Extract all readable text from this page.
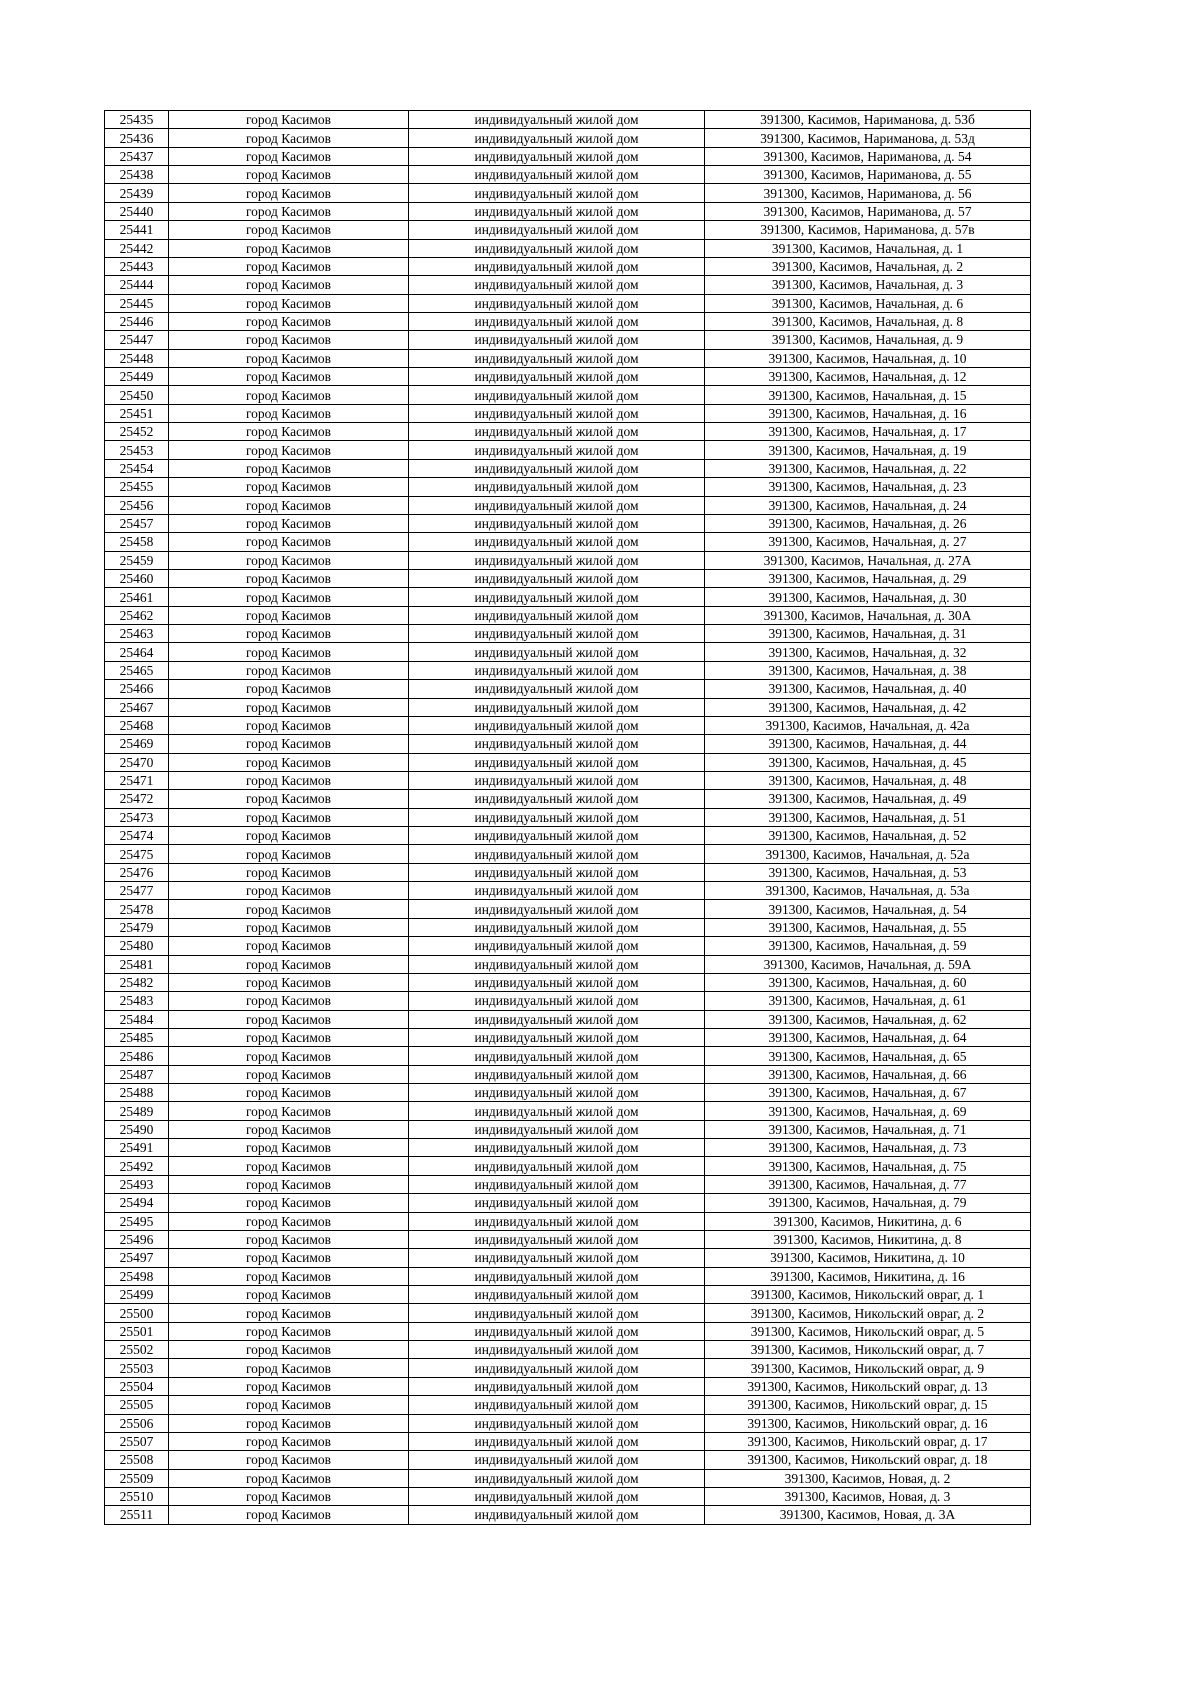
25435	город Касимов	индивидуальный жилой дом	391300, Касимов, Нариманова, д. 53б
25436	город Касимов	индивидуальный жилой дом	391300, Касимов, Нариманова, д. 53д
25437	город Касимов	индивидуальный жилой дом	391300, Касимов, Нариманова, д. 54
25438	город Касимов	индивидуальный жилой дом	391300, Касимов, Нариманова, д. 55
25439	город Касимов	индивидуальный жилой дом	391300, Касимов, Нариманова, д. 56
25440	город Касимов	индивидуальный жилой дом	391300, Касимов, Нариманова, д. 57
25441	город Касимов	индивидуальный жилой дом	391300, Касимов, Нариманова, д. 57в
25442	город Касимов	индивидуальный жилой дом	391300, Касимов, Начальная, д. 1
25443	город Касимов	индивидуальный жилой дом	391300, Касимов, Начальная, д. 2
25444	город Касимов	индивидуальный жилой дом	391300, Касимов, Начальная, д. 3
25445	город Касимов	индивидуальный жилой дом	391300, Касимов, Начальная, д. 6
25446	город Касимов	индивидуальный жилой дом	391300, Касимов, Начальная, д. 8
25447	город Касимов	индивидуальный жилой дом	391300, Касимов, Начальная, д. 9
25448	город Касимов	индивидуальный жилой дом	391300, Касимов, Начальная, д. 10
25449	город Касимов	индивидуальный жилой дом	391300, Касимов, Начальная, д. 12
25450	город Касимов	индивидуальный жилой дом	391300, Касимов, Начальная, д. 15
25451	город Касимов	индивидуальный жилой дом	391300, Касимов, Начальная, д. 16
25452	город Касимов	индивидуальный жилой дом	391300, Касимов, Начальная, д. 17
25453	город Касимов	индивидуальный жилой дом	391300, Касимов, Начальная, д. 19
25454	город Касимов	индивидуальный жилой дом	391300, Касимов, Начальная, д. 22
25455	город Касимов	индивидуальный жилой дом	391300, Касимов, Начальная, д. 23
25456	город Касимов	индивидуальный жилой дом	391300, Касимов, Начальная, д. 24
25457	город Касимов	индивидуальный жилой дом	391300, Касимов, Начальная, д. 26
25458	город Касимов	индивидуальный жилой дом	391300, Касимов, Начальная, д. 27
25459	город Касимов	индивидуальный жилой дом	391300, Касимов, Начальная, д. 27А
25460	город Касимов	индивидуальный жилой дом	391300, Касимов, Начальная, д. 29
25461	город Касимов	индивидуальный жилой дом	391300, Касимов, Начальная, д. 30
25462	город Касимов	индивидуальный жилой дом	391300, Касимов, Начальная, д. 30А
25463	город Касимов	индивидуальный жилой дом	391300, Касимов, Начальная, д. 31
25464	город Касимов	индивидуальный жилой дом	391300, Касимов, Начальная, д. 32
25465	город Касимов	индивидуальный жилой дом	391300, Касимов, Начальная, д. 38
25466	город Касимов	индивидуальный жилой дом	391300, Касимов, Начальная, д. 40
25467	город Касимов	индивидуальный жилой дом	391300, Касимов, Начальная, д. 42
25468	город Касимов	индивидуальный жилой дом	391300, Касимов, Начальная, д. 42а
25469	город Касимов	индивидуальный жилой дом	391300, Касимов, Начальная, д. 44
25470	город Касимов	индивидуальный жилой дом	391300, Касимов, Начальная, д. 45
25471	город Касимов	индивидуальный жилой дом	391300, Касимов, Начальная, д. 48
25472	город Касимов	индивидуальный жилой дом	391300, Касимов, Начальная, д. 49
25473	город Касимов	индивидуальный жилой дом	391300, Касимов, Начальная, д. 51
25474	город Касимов	индивидуальный жилой дом	391300, Касимов, Начальная, д. 52
25475	город Касимов	индивидуальный жилой дом	391300, Касимов, Начальная, д. 52а
25476	город Касимов	индивидуальный жилой дом	391300, Касимов, Начальная, д. 53
25477	город Касимов	индивидуальный жилой дом	391300, Касимов, Начальная, д. 53а
25478	город Касимов	индивидуальный жилой дом	391300, Касимов, Начальная, д. 54
25479	город Касимов	индивидуальный жилой дом	391300, Касимов, Начальная, д. 55
25480	город Касимов	индивидуальный жилой дом	391300, Касимов, Начальная, д. 59
25481	город Касимов	индивидуальный жилой дом	391300, Касимов, Начальная, д. 59А
25482	город Касимов	индивидуальный жилой дом	391300, Касимов, Начальная, д. 60
25483	город Касимов	индивидуальный жилой дом	391300, Касимов, Начальная, д. 61
25484	город Касимов	индивидуальный жилой дом	391300, Касимов, Начальная, д. 62
25485	город Касимов	индивидуальный жилой дом	391300, Касимов, Начальная, д. 64
25486	город Касимов	индивидуальный жилой дом	391300, Касимов, Начальная, д. 65
25487	город Касимов	индивидуальный жилой дом	391300, Касимов, Начальная, д. 66
25488	город Касимов	индивидуальный жилой дом	391300, Касимов, Начальная, д. 67
25489	город Касимов	индивидуальный жилой дом	391300, Касимов, Начальная, д. 69
25490	город Касимов	индивидуальный жилой дом	391300, Касимов, Начальная, д. 71
25491	город Касимов	индивидуальный жилой дом	391300, Касимов, Начальная, д. 73
25492	город Касимов	индивидуальный жилой дом	391300, Касимов, Начальная, д. 75
25493	город Касимов	индивидуальный жилой дом	391300, Касимов, Начальная, д. 77
25494	город Касимов	индивидуальный жилой дом	391300, Касимов, Начальная, д. 79
25495	город Касимов	индивидуальный жилой дом	391300, Касимов, Никитина, д. 6
25496	город Касимов	индивидуальный жилой дом	391300, Касимов, Никитина, д. 8
25497	город Касимов	индивидуальный жилой дом	391300, Касимов, Никитина, д. 10
25498	город Касимов	индивидуальный жилой дом	391300, Касимов, Никитина, д. 16
25499	город Касимов	индивидуальный жилой дом	391300, Касимов, Никольский овраг, д. 1
25500	город Касимов	индивидуальный жилой дом	391300, Касимов, Никольский овраг, д. 2
25501	город Касимов	индивидуальный жилой дом	391300, Касимов, Никольский овраг, д. 5
25502	город Касимов	индивидуальный жилой дом	391300, Касимов, Никольский овраг, д. 7
25503	город Касимов	индивидуальный жилой дом	391300, Касимов, Никольский овраг, д. 9
25504	город Касимов	индивидуальный жилой дом	391300, Касимов, Никольский овраг, д. 13
25505	город Касимов	индивидуальный жилой дом	391300, Касимов, Никольский овраг, д. 15
25506	город Касимов	индивидуальный жилой дом	391300, Касимов, Никольский овраг, д. 16
25507	город Касимов	индивидуальный жилой дом	391300, Касимов, Никольский овраг, д. 17
25508	город Касимов	индивидуальный жилой дом	391300, Касимов, Никольский овраг, д. 18
25509	город Касимов	индивидуальный жилой дом	391300, Касимов, Новая, д. 2
25510	город Касимов	индивидуальный жилой дом	391300, Касимов, Новая, д. 3
25511	город Касимов	индивидуальный жилой дом	391300, Касимов, Новая, д. 3А
